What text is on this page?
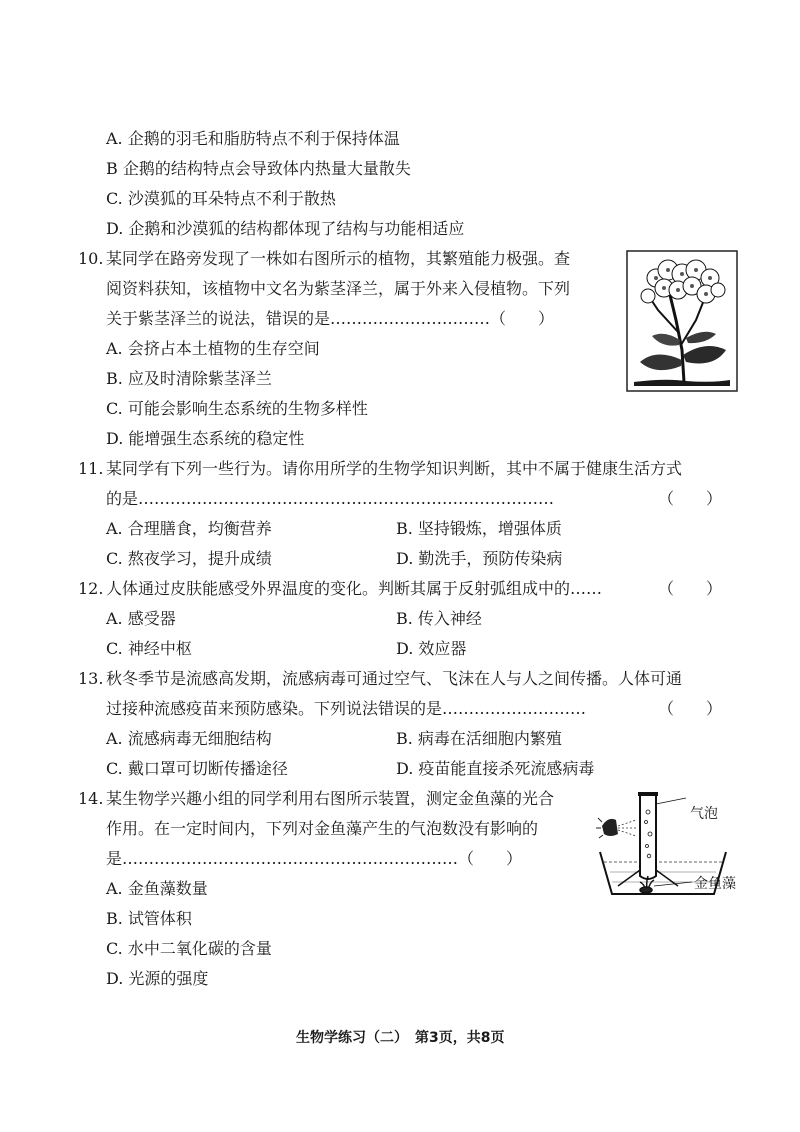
A. 企鹅的羽毛和脂肪特点不利于保持体温
B 企鹅的结构特点会导致体内热量大量散失
C. 沙漠狐的耳朵特点不利于散热
D. 企鹅和沙漠狐的结构都体现了结构与功能相适应
10. 某同学在路旁发现了一株如右图所示的植物，其繁殖能力极强。查
阅资料获知，该植物中文名为紫茎泽兰，属于外来入侵植物。下列
关于紫茎泽兰的说法，错误的是…………………………（　　）
A. 会挤占本土植物的生存空间
B. 应及时清除紫茎泽兰
C. 可能会影响生态系统的生物多样性
D. 能增强生态系统的稳定性
11. 某同学有下列一些行为。请你用所学的生物学知识判断，其中不属于健康生活方式
的是……………………………………………………………………	（　　）
A. 合理膳食，均衡营养	B. 坚持锻炼，增强体质
C. 熬夜学习，提升成绩	D. 勤洗手，预防传染病
12. 人体通过皮肤能感受外界温度的变化。判断其属于反射弧组成中的……	（　　）
A. 感受器	B. 传入神经
C. 神经中枢	D. 效应器
13. 秋冬季节是流感高发期，流感病毒可通过空气、飞沫在人与人之间传播。人体可通
过接种流感疫苗来预防感染。下列说法错误的是………………………	（　　）
A. 流感病毒无细胞结构	B. 病毒在活细胞内繁殖
C. 戴口罩可切断传播途径	D. 疫苗能直接杀死流感病毒
14. 某生物学兴趣小组的同学利用右图所示装置，测定金鱼藻的光合
作用。在一定时间内，下列对金鱼藻产生的气泡数没有影响的
是………………………………………………………（　　）
A. 金鱼藻数量
B. 试管体积
C. 水中二氧化碳的含量
D. 光源的强度
气泡
金鱼藻
生物学练习（二）　第3页，共8页
